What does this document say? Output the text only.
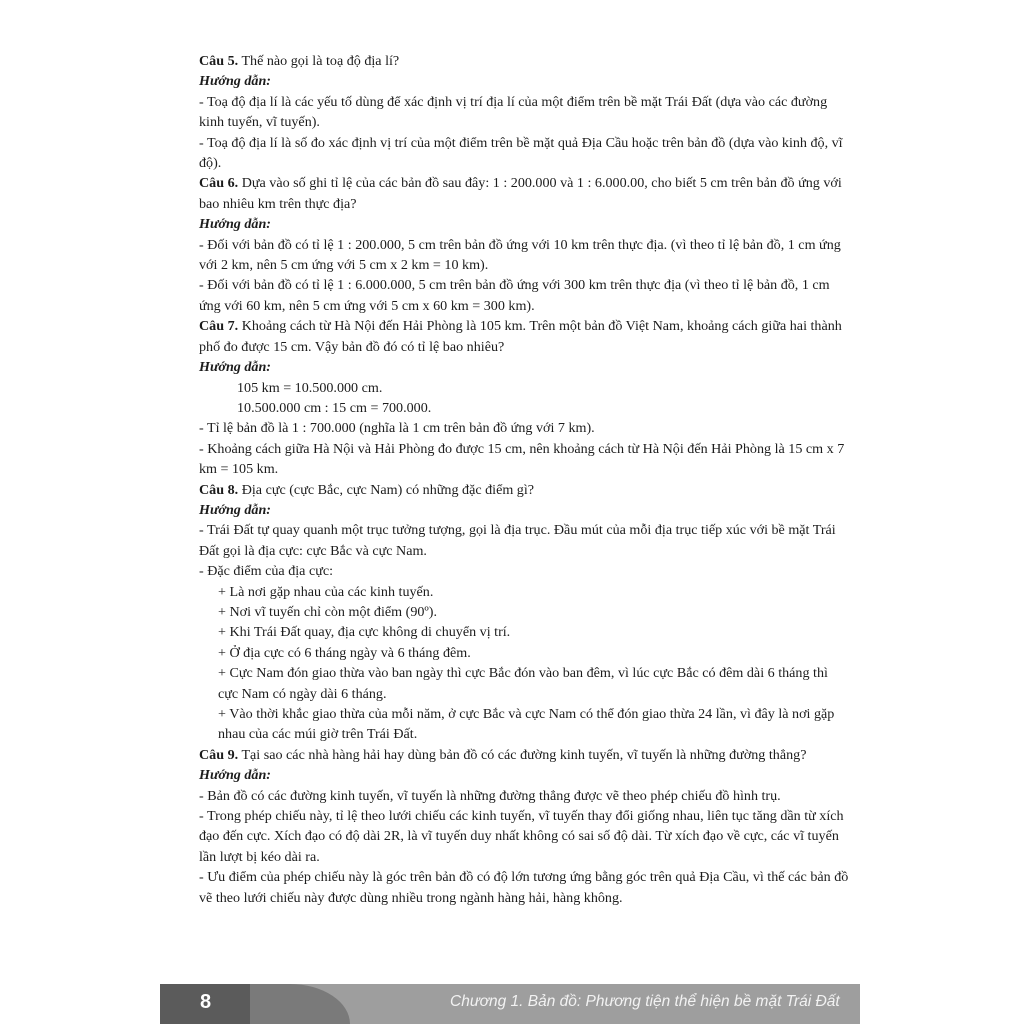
Câu 5. Thế nào gọi là toạ độ địa lí?
Hướng dẫn:
- Toạ độ địa lí là các yếu tố dùng để xác định vị trí địa lí của một điểm trên bề mặt Trái Đất (dựa vào các đường kinh tuyến, vĩ tuyến).
- Toạ độ địa lí là số đo xác định vị trí của một điểm trên bề mặt quả Địa Cầu hoặc trên bản đồ (dựa vào kinh độ, vĩ độ).
Câu 6. Dựa vào số ghi tỉ lệ của các bản đồ sau đây: 1 : 200.000 và 1 : 6.000.00, cho biết 5 cm trên bản đồ ứng với bao nhiêu km trên thực địa?
Hướng dẫn:
- Đối với bản đồ có tỉ lệ 1 : 200.000, 5 cm trên bản đồ ứng với 10 km trên thực địa. (vì theo tỉ lệ bản đồ, 1 cm ứng với 2 km, nên 5 cm ứng với 5 cm x 2 km = 10 km).
- Đối với bản đồ có tỉ lệ 1 : 6.000.000, 5 cm trên bản đồ ứng với 300 km trên thực địa (vì theo tỉ lệ bản đồ, 1 cm ứng với 60 km, nên 5 cm ứng với 5 cm x 60 km = 300 km).
Câu 7. Khoảng cách từ Hà Nội đến Hải Phòng là 105 km. Trên một bản đồ Việt Nam, khoảng cách giữa hai thành phố đo được 15 cm. Vậy bản đồ đó có tỉ lệ bao nhiêu?
Hướng dẫn:
105 km = 10.500.000 cm.
10.500.000 cm : 15 cm = 700.000.
- Tỉ lệ bản đồ là 1 : 700.000 (nghĩa là 1 cm trên bản đồ ứng với 7 km).
- Khoảng cách giữa Hà Nội và Hải Phòng đo được 15 cm, nên khoảng cách từ Hà Nội đến Hải Phòng là 15 cm x 7 km = 105 km.
Câu 8. Địa cực (cực Bắc, cực Nam) có những đặc điểm gì?
Hướng dẫn:
- Trái Đất tự quay quanh một trục tưởng tượng, gọi là địa trục. Đầu mút của mỗi địa trục tiếp xúc với bề mặt Trái Đất gọi là địa cực: cực Bắc và cực Nam.
- Đặc điểm của địa cực:
+ Là nơi gặp nhau của các kinh tuyến.
+ Nơi vĩ tuyến chỉ còn một điểm (90º).
+ Khi Trái Đất quay, địa cực không di chuyển vị trí.
+ Ở địa cực có 6 tháng ngày và 6 tháng đêm.
+ Cực Nam đón giao thừa vào ban ngày thì cực Bắc đón vào ban đêm, vì lúc cực Bắc có đêm dài 6 tháng thì cực Nam có ngày dài 6 tháng.
+ Vào thời khắc giao thừa của mỗi năm, ở cực Bắc và cực Nam có thể đón giao thừa 24 lần, vì đây là nơi gặp nhau của các múi giờ trên Trái Đất.
Câu 9. Tại sao các nhà hàng hải hay dùng bản đồ có các đường kinh tuyến, vĩ tuyến là những đường thẳng?
Hướng dẫn:
- Bản đồ có các đường kinh tuyến, vĩ tuyến là những đường thẳng được vẽ theo phép chiếu đồ hình trụ.
- Trong phép chiếu này, tỉ lệ theo lưới chiếu các kinh tuyến, vĩ tuyến thay đổi giống nhau, liên tục tăng dần từ xích đạo đến cực. Xích đạo có độ dài 2R, là vĩ tuyến duy nhất không có sai số độ dài. Từ xích đạo về cực, các vĩ tuyến lần lượt bị kéo dài ra.
- Ưu điểm của phép chiếu này là góc trên bản đồ có độ lớn tương ứng bằng góc trên quả Địa Cầu, vì thế các bản đồ vẽ theo lưới chiếu này được dùng nhiều trong ngành hàng hải, hàng không.
8	Chương 1. Bản đồ: Phương tiện thể hiện bề mặt Trái Đất
